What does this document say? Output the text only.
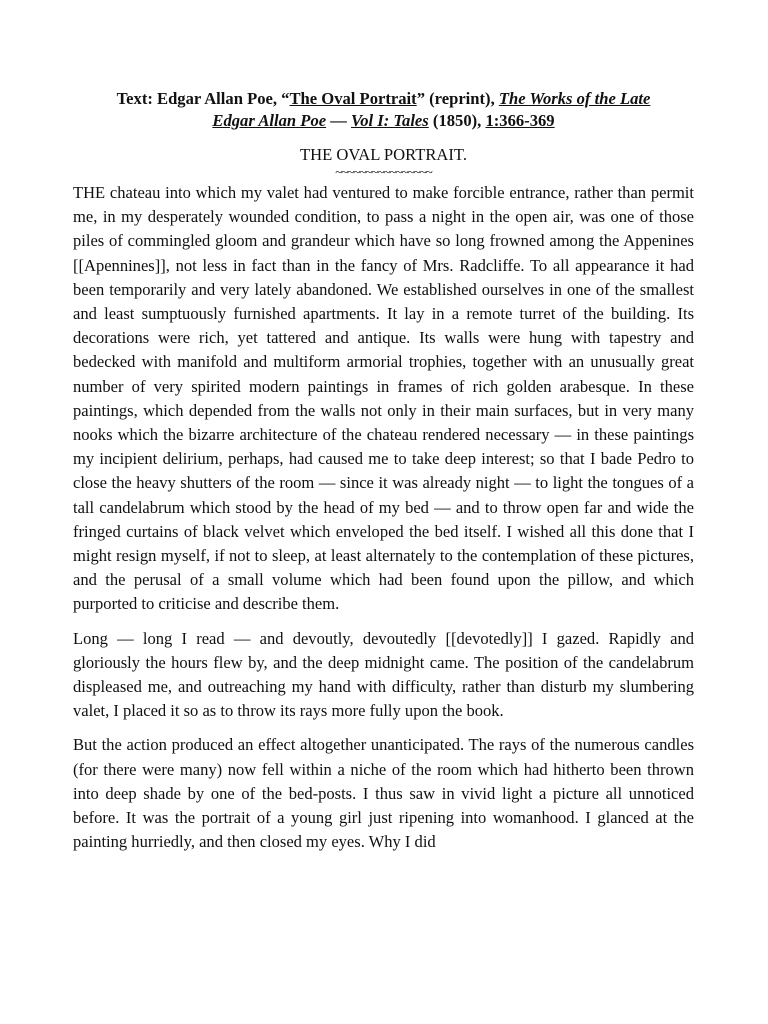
Text: Edgar Allan Poe, “The Oval Portrait” (reprint), The Works of the Late
Edgar Allan Poe — Vol I: Tales (1850), 1:366-369

THE OVAL PORTRAIT.

~~~~~~~~~~~~~~~~

THE chateau into which my valet had ventured to make forcible entrance, rather than permit me, in my desperately wounded condition, to pass a night in the open air, was one of those piles of commingled gloom and grandeur which have so long frowned among the Appenines [[Apennines]], not less in fact than in the fancy of Mrs. Radcliffe. To all appearance it had been temporarily and very lately abandoned. We established ourselves in one of the smallest and least sumptuously furnished apartments. It lay in a remote turret of the building. Its decorations were rich, yet tattered and antique. Its walls were hung with tapestry and bedecked with manifold and multiform armorial trophies, together with an unusually great number of very spirited modern paintings in frames of rich golden arabesque. In these paintings, which depended from the walls not only in their main surfaces, but in very many nooks which the bizarre architecture of the chateau rendered necessary — in these paintings my incipient delirium, perhaps, had caused me to take deep interest; so that I bade Pedro to close the heavy shutters of the room — since it was already night — to light the tongues of a tall candelabrum which stood by the head of my bed — and to throw open far and wide the fringed curtains of black velvet which enveloped the bed itself. I wished all this done that I might resign myself, if not to sleep, at least alternately to the contemplation of these pictures, and the perusal of a small volume which had been found upon the pillow, and which purported to criticise and describe them.

Long — long I read — and devoutly, devoutedly [[devotedly]] I gazed. Rapidly and gloriously the hours flew by, and the deep midnight came. The position of the candelabrum displeased me, and outreaching my hand with difficulty, rather than disturb my slumbering valet, I placed it so as to throw its rays more fully upon the book.

But the action produced an effect altogether unanticipated. The rays of the numerous candles (for there were many) now fell within a niche of the room which had hitherto been thrown into deep shade by one of the bed-posts. I thus saw in vivid light a picture all unnoticed before. It was the portrait of a young girl just ripening into womanhood. I glanced at the painting hurriedly, and then closed my eyes. Why I did
